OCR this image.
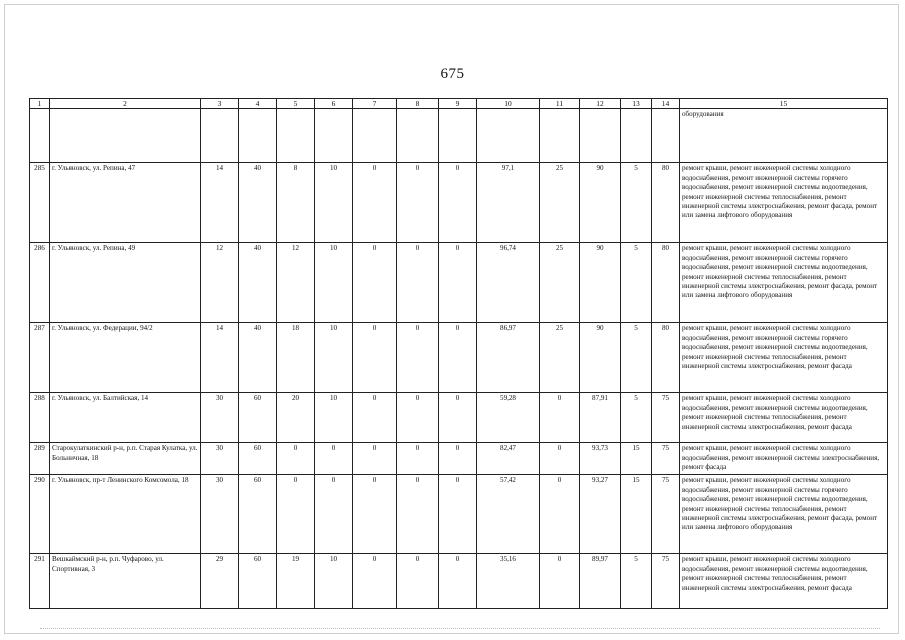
675
1	2	3	4	5	6	7	8	9	10	11	12	13	14	15
														оборудования
285	г. Ульяновск, ул. Репина, 47	14	40	8	10	0	0	0	97,1	25	90	5	80	ремонт крыши, ремонт инженерной системы холодного водоснабжения, ремонт инженерной системы горячего водоснабжения, ремонт инженерной системы водоотведения, ремонт инженерной системы теплоснабжения, ремонт инженерной системы электроснабжения, ремонт фасада, ремонт или замена лифтового оборудования
286	г. Ульяновск, ул. Репина, 49	12	40	12	10	0	0	0	96,74	25	90	5	80	ремонт крыши, ремонт инженерной системы холодного водоснабжения, ремонт инженерной системы горячего водоснабжения, ремонт инженерной системы водоотведения, ремонт инженерной системы теплоснабжения, ремонт инженерной системы электроснабжения, ремонт фасада, ремонт или замена лифтового оборудования
287	г. Ульяновск, ул. Федерации, 94/2	14	40	18	10	0	0	0	86,97	25	90	5	80	ремонт крыши, ремонт инженерной системы холодного водоснабжения, ремонт инженерной системы горячего водоснабжения, ремонт инженерной системы водоотведения, ремонт инженерной системы теплоснабжения, ремонт инженерной системы электроснабжения, ремонт фасада
288	г. Ульяновск, ул. Балтийская, 14	30	60	20	10	0	0	0	59,28	0	87,91	5	75	ремонт крыши, ремонт инженерной системы холодного водоснабжения, ремонт инженерной системы водоотведения, ремонт инженерной системы теплоснабжения, ремонт инженерной системы электроснабжения, ремонт фасада
289	Старокулаткинский р-н, р.п. Старая Кулатка, ул. Больничная, 18	30	60	0	0	0	0	0	82,47	0	93,73	15	75	ремонт крыши, ремонт инженерной системы холодного водоснабжения, ремонт инженерной системы электроснабжения, ремонт фасада
290	г. Ульяновск, пр-т Ленинского Комсомола, 18	30	60	0	0	0	0	0	57,42	0	93,27	15	75	ремонт крыши, ремонт инженерной системы холодного водоснабжения, ремонт инженерной системы горячего водоснабжения, ремонт инженерной системы водоотведения, ремонт инженерной системы теплоснабжения, ремонт инженерной системы электроснабжения, ремонт фасада, ремонт или замена лифтового оборудования
291	Вешкаймский р-н, р.п. Чуфарово, ул. Спортивная, 3	29	60	19	10	0	0	0	35,16	0	89,97	5	75	ремонт крыши, ремонт инженерной системы холодного водоснабжения, ремонт инженерной системы водоотведения, ремонт инженерной системы теплоснабжения, ремонт инженерной системы электроснабжения, ремонт фасада
